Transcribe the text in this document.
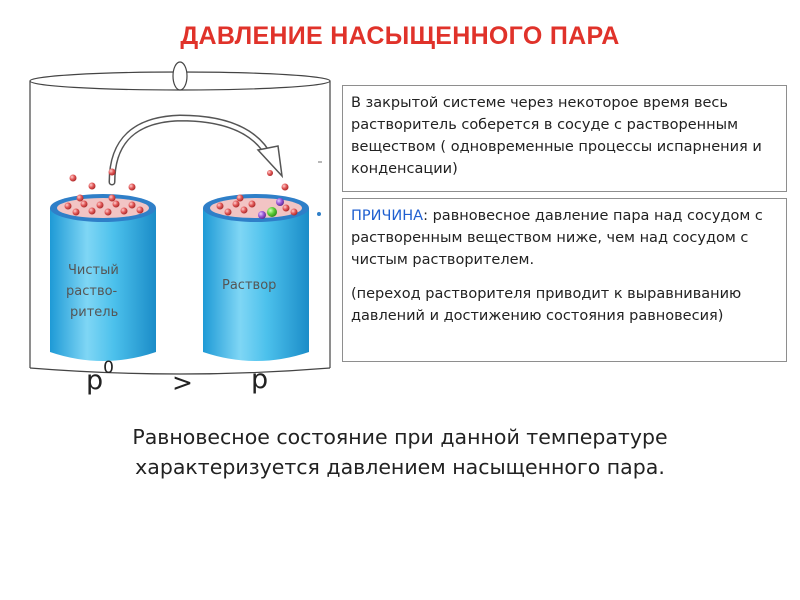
ДАВЛЕНИЕ НАСЫЩЕННОГО ПАРА
Чистый
раство-
ритель
Раствор
В закрытой системе через некоторое время весь растворитель соберется в сосуде с растворенным веществом ( одновременные процессы испарнения и конденсации)

ПРИЧИНА: равновесное давление пара над сосудом с растворенным веществом ниже, чем над сосудом с чистым растворителем.

(переход растворителя приводит к выравниванию давлений и достижению состояния равновесия)

$p^0 > p$
Равновесное состояние при данной температуре
характеризуется давлением насыщенного пара.
